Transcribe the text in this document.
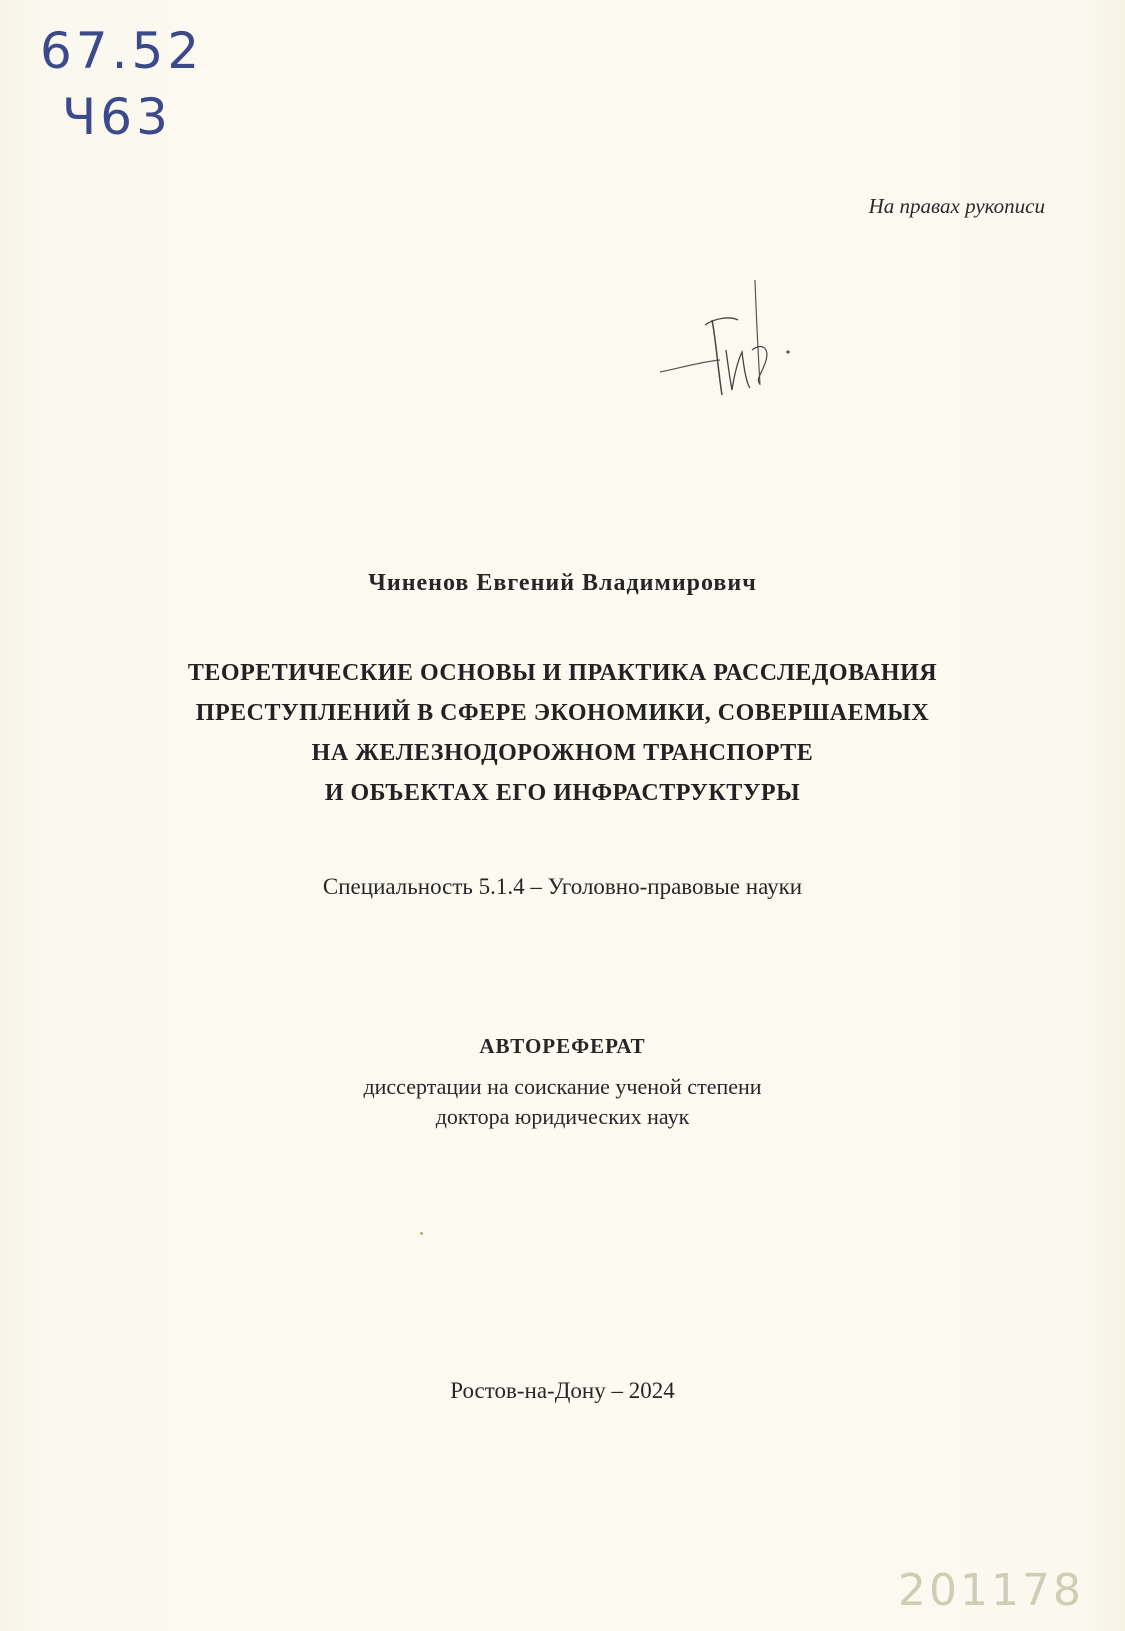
67.52
Ч63
На правах рукописи
Чиненов Евгений Владимирович
ТЕОРЕТИЧЕСКИЕ ОСНОВЫ И ПРАКТИКА РАССЛЕДОВАНИЯ
ПРЕСТУПЛЕНИЙ В СФЕРЕ ЭКОНОМИКИ, СОВЕРШАЕМЫХ
НА ЖЕЛЕЗНОДОРОЖНОМ ТРАНСПОРТЕ
И ОБЪЕКТАХ ЕГО ИНФРАСТРУКТУРЫ
Специальность 5.1.4 – Уголовно-правовые науки
АВТОРЕФЕРАТ
диссертации на соискание ученой степени
доктора юридических наук
Ростов-на-Дону – 2024
201178
